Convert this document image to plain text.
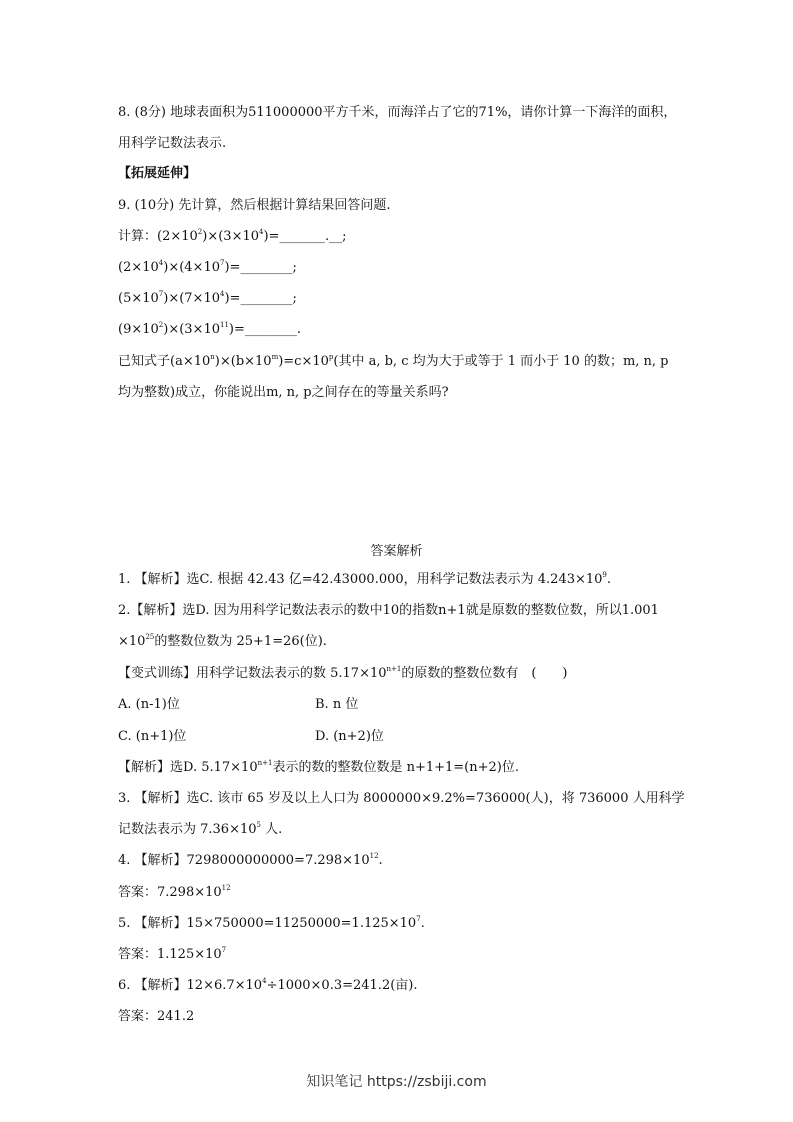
8. (8分) 地球表面积为511000000平方千米，而海洋占了它的71%，请你计算一下海洋的面积，
用科学记数法表示.
【拓展延伸】
9. (10分) 先计算，然后根据计算结果回答问题.
计算：$(2\times 10^2)\times(3\times 10^4)=\_\_\_\_\_\_\_.\_\_$;
$(2\times 10^4)\times(4\times 10^7)=\_\_\_\_\_\_\_\_$;
$(5\times 10^7)\times(7\times 10^4)=\_\_\_\_\_\_\_\_$;
$(9\times 10^2)\times(3\times 10^{11})=\_\_\_\_\_\_\_\_$.
已知式子$(a\times 10^n)\times(b\times 10^m)=c\times 10^p$(其中 a, b, c 均为大于或等于 1 而小于 10 的数；m, n, p
均为整数)成立，你能说出m, n, p之间存在的等量关系吗?
答案解析
1. 【解析】选C. 根据 42.43 亿=42.43000.000，用科学记数法表示为 $4.243\times 10^9$.
2.【解析】选D. 因为用科学记数法表示的数中10的指数n+1就是原数的整数位数，所以1.001
$\times 10^{25}$的整数位数为 25+1=26(位).
【变式训练】用科学记数法表示的数 $5.17\times 10^{n+1}$的原数的整数位数有　(　　)
A. (n-1)位	B. n 位
C. (n+1)位	D. (n+2)位
【解析】选D. $5.17\times 10^{n+1}$表示的数的整数位数是 n+1+1=(n+2)位.
3. 【解析】选C. 该市 65 岁及以上人口为 8000000×9.2%=736000(人)，将 736000 人用科学
记数法表示为 $7.36\times 10^5$ 人.
4. 【解析】$7298000000000=7.298\times 10^{12}$.
答案：$7.298\times 10^{12}$
5. 【解析】$15\times 750000=11250000=1.125\times 10^7$.
答案：$1.125\times 10^7$
6. 【解析】$12\times 6.7\times 10^4\div 1000\times 0.3=241.2$(亩).
答案：241.2
知识笔记 https://zsbiji.com
